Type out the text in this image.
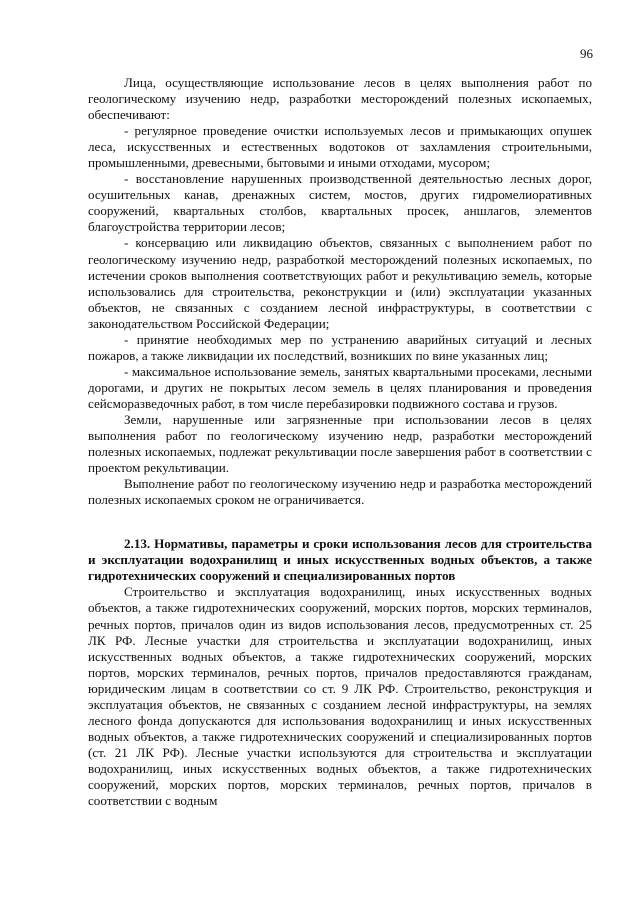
96

Лица, осуществляющие использование лесов в целях выполнения работ по геологическому изучению недр, разработки месторождений полезных ископаемых, обеспечивают:

- регулярное проведение очистки используемых лесов и примыкающих опушек леса, искусственных и естественных водотоков от захламления строительными, промышленными, древесными, бытовыми и иными отходами, мусором;

- восстановление нарушенных производственной деятельностью лесных дорог, осушительных канав, дренажных систем, мостов, других гидромелиоративных сооружений, квартальных столбов, квартальных просек, аншлагов, элементов благоустройства территории лесов;

- консервацию или ликвидацию объектов, связанных с выполнением работ по геологическому изучению недр, разработкой месторождений полезных ископаемых, по истечении сроков выполнения соответствующих работ и рекультивацию земель, которые использовались для строительства, реконструкции и (или) эксплуатации указанных объектов, не связанных с созданием лесной инфраструктуры, в соответствии с законодательством Российской Федерации;

- принятие необходимых мер по устранению аварийных ситуаций и лесных пожаров, а также ликвидации их последствий, возникших по вине указанных лиц;

- максимальное использование земель, занятых квартальными просеками, лесными дорогами, и других не покрытых лесом земель в целях планирования и проведения сейсморазведочных работ, в том числе перебазировки подвижного состава и грузов.

Земли, нарушенные или загрязненные при использовании лесов в целях выполнения работ по геологическому изучению недр, разработки месторождений полезных ископаемых, подлежат рекультивации после завершения работ в соответствии с проектом рекультивации.

Выполнение работ по геологическому изучению недр и разработка месторождений полезных ископаемых сроком не ограничивается.

2.13. Нормативы, параметры и сроки использования лесов для строительства и эксплуатации водохранилищ и иных искусственных водных объектов, а также гидротехнических сооружений и специализированных портов

Строительство и эксплуатация водохранилищ, иных искусственных водных объектов, а также гидротехнических сооружений, морских портов, морских терминалов, речных портов, причалов один из видов использования лесов, предусмотренных ст. 25 ЛК РФ. Лесные участки для строительства и эксплуатации водохранилищ, иных искусственных водных объектов, а также гидротехнических сооружений, морских портов, морских терминалов, речных портов, причалов предоставляются гражданам, юридическим лицам в соответствии со ст. 9 ЛК РФ. Строительство, реконструкция и эксплуатация объектов, не связанных с созданием лесной инфраструктуры, на землях лесного фонда допускаются для использования водохранилищ и иных искусственных водных объектов, а также гидротехнических сооружений и специализированных портов (ст. 21 ЛК РФ). Лесные участки используются для строительства и эксплуатации водохранилищ, иных искусственных водных объектов, а также гидротехнических сооружений, морских портов, морских терминалов, речных портов, причалов в соответствии с водным
